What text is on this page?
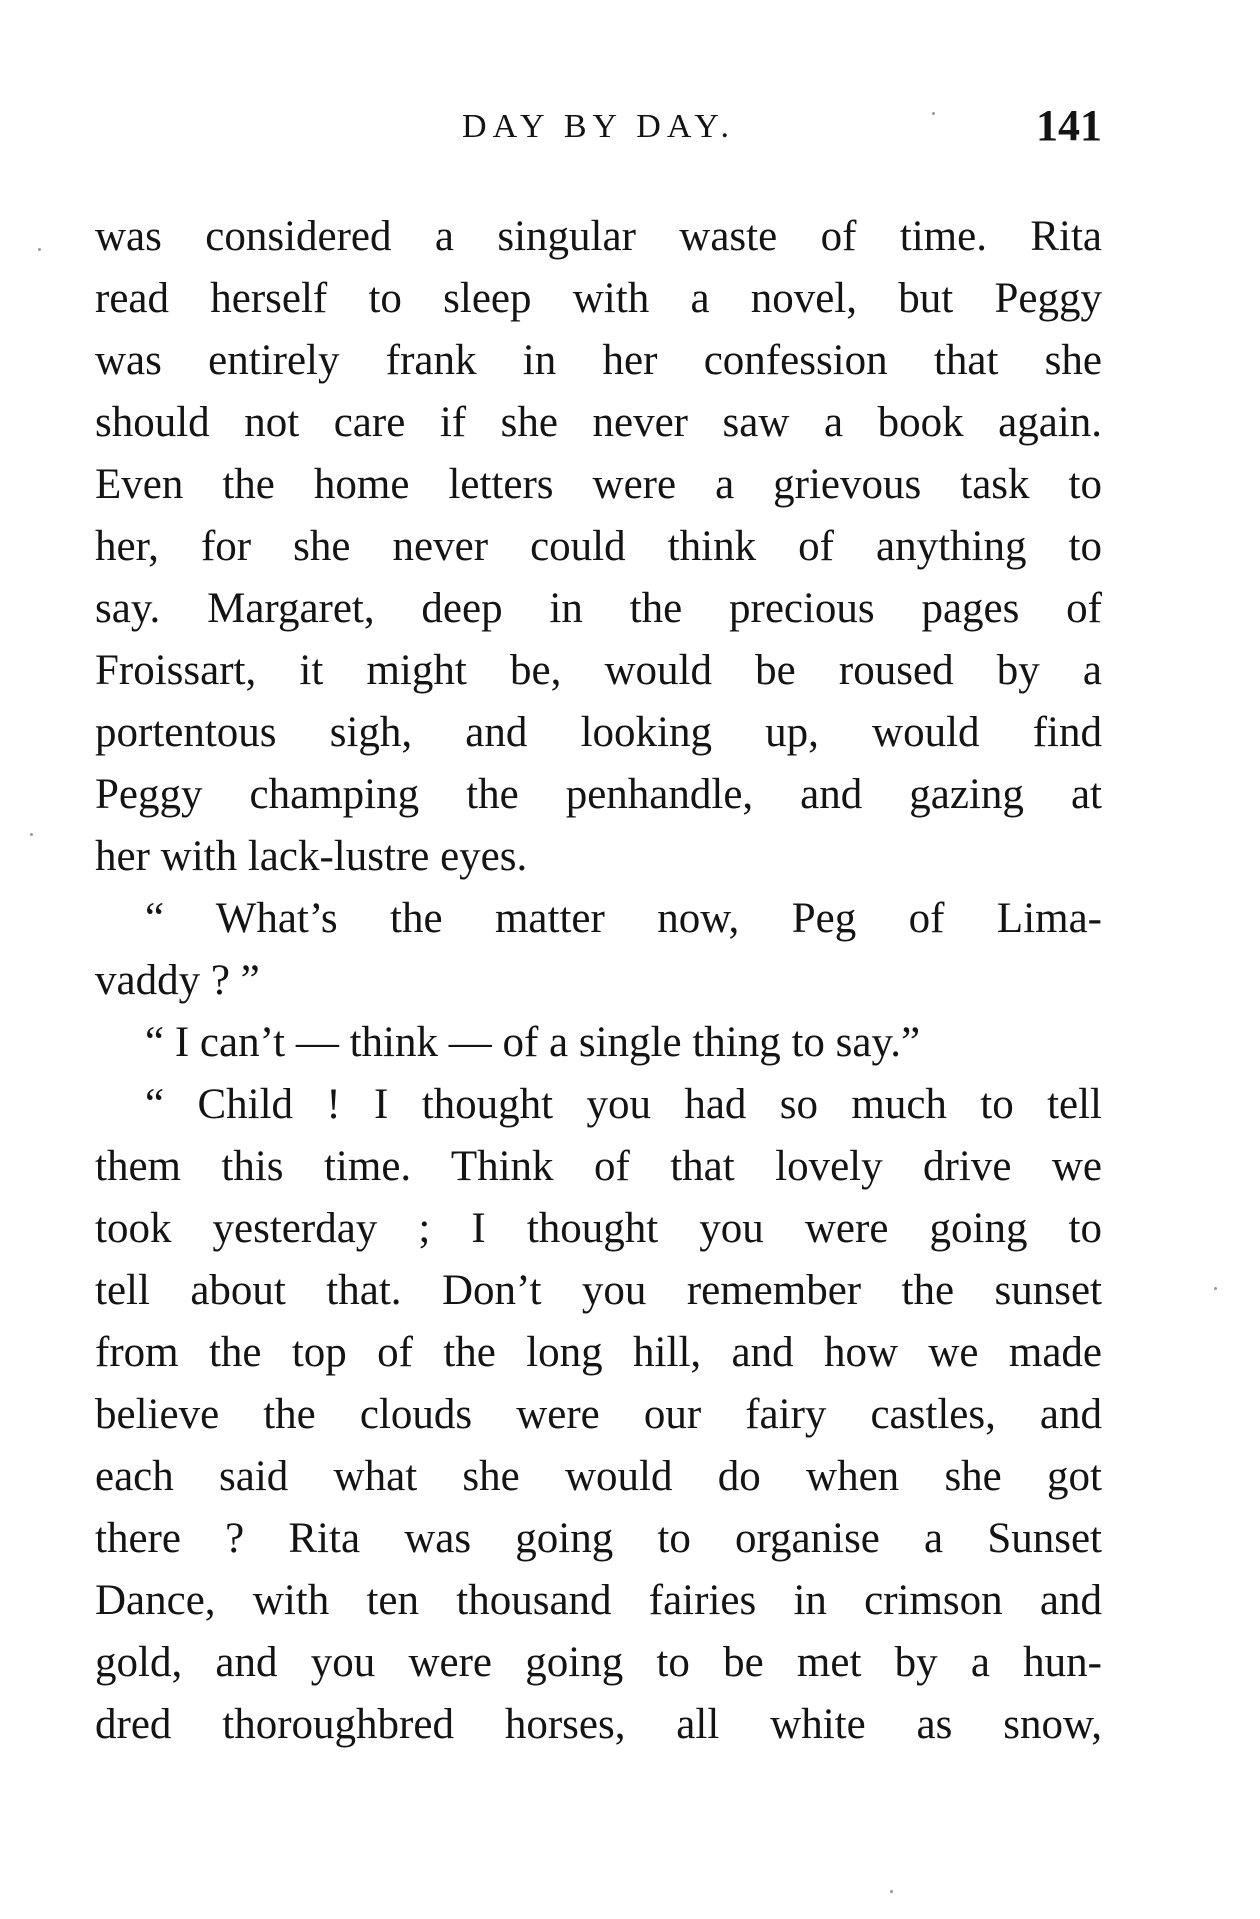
DAY BY DAY.	141
was considered a singular waste of time. Rita
read herself to sleep with a novel, but Peggy
was entirely frank in her confession that she
should not care if she never saw a book again.
Even the home letters were a grievous task to
her, for she never could think of anything to
say. Margaret, deep in the precious pages of
Froissart, it might be, would be roused by a
portentous sigh, and looking up, would find
Peggy champing the penhandle, and gazing at
her with lack-lustre eyes.
“ What’s the matter now, Peg of Lima-
vaddy ? ”
“ I can’t — think — of a single thing to say.”
“ Child ! I thought you had so much to tell
them this time. Think of that lovely drive we
took yesterday ; I thought you were going to
tell about that. Don’t you remember the sunset
from the top of the long hill, and how we made
believe the clouds were our fairy castles, and
each said what she would do when she got
there ? Rita was going to organise a Sunset
Dance, with ten thousand fairies in crimson and
gold, and you were going to be met by a hun-
dred thoroughbred horses, all white as snow,
